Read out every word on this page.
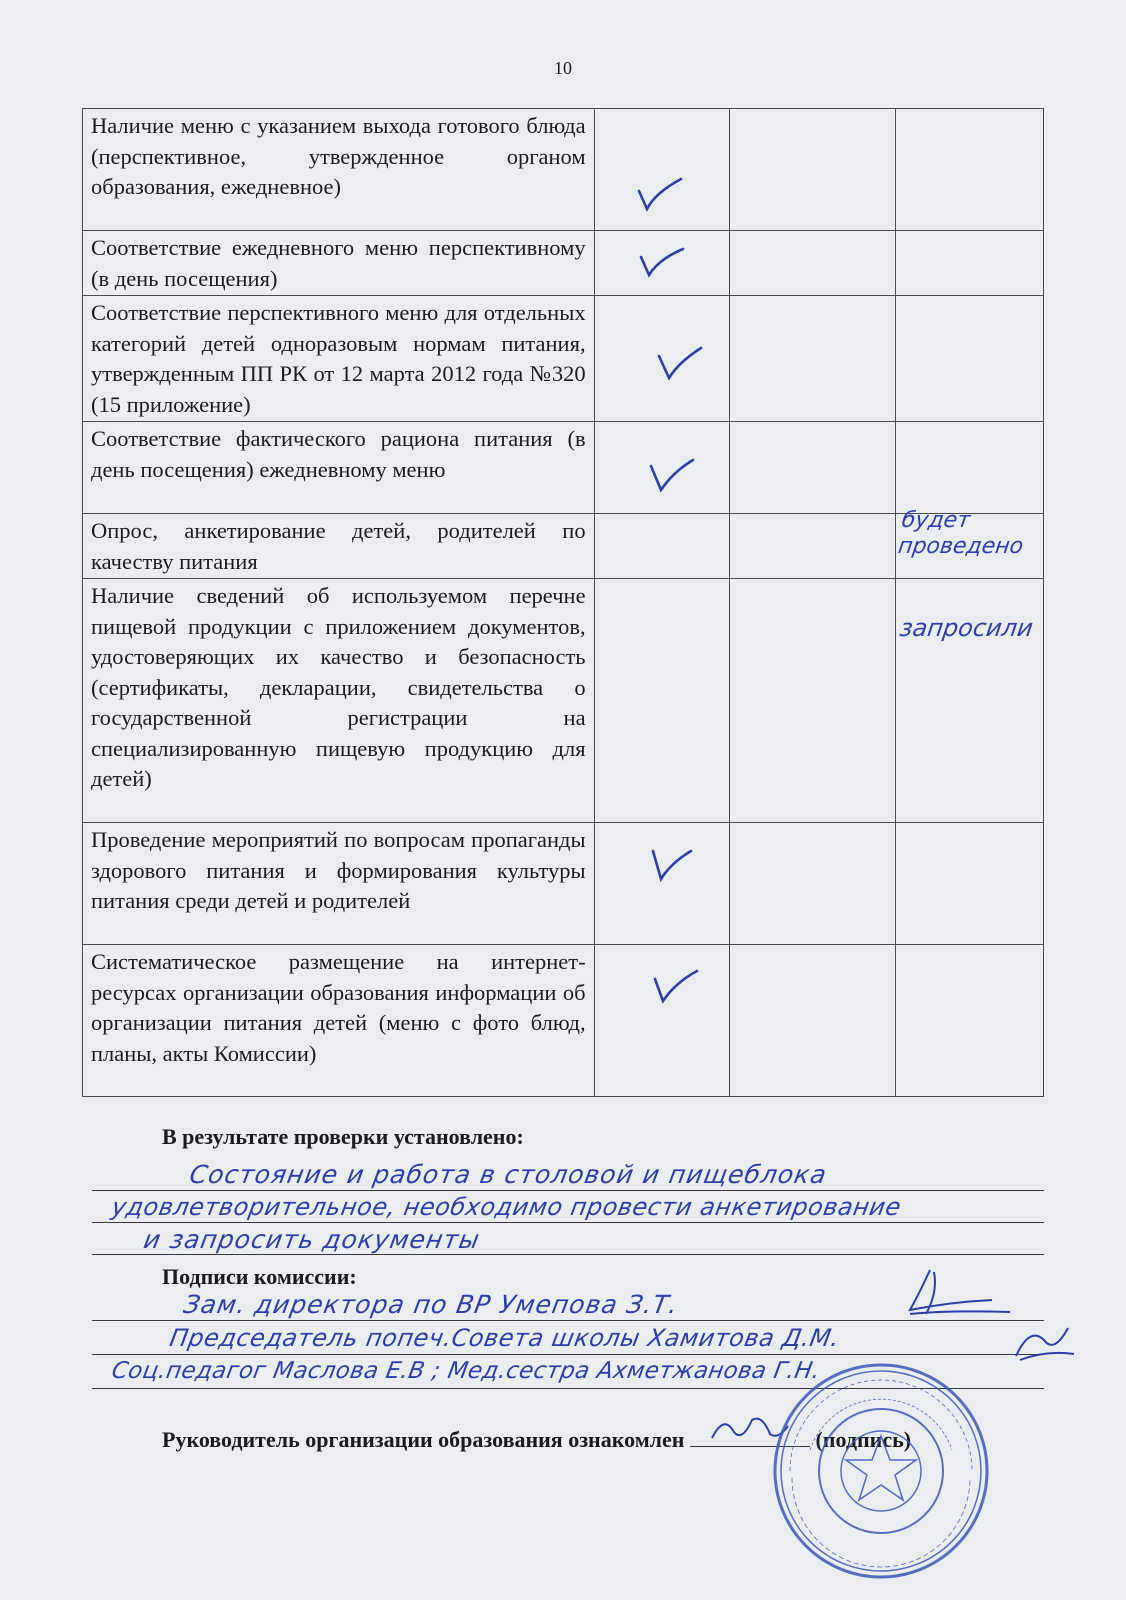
10
Наличие меню с указанием выхода готового блюда (перспективное, утвержденное органом образования, ежедневное)	

Соответствие ежедневного меню перспективному (в день посещения)	

Соответствие перспективного меню для отдельных категорий детей одноразовым нормам питания, утвержденным ПП РК от 12 марта 2012 года №320 (15 приложение)	

Соответствие фактического рациона питания (в день посещения) ежедневному меню	

Опрос, анкетирование детей, родителей по качеству питания			будет проведено

Наличие сведений об используемом перечне пищевой продукции с приложением документов, удостоверяющих их качество и безопасность (сертификаты, декларации, свидетельства о государственной регистрации на специализированную пищевую продукцию для детей)			запросили

Проведение мероприятий по вопросам пропаганды здорового питания и формирования культуры питания среди детей и родителей	

Систематическое размещение на интернет-ресурсах организации образования информации об организации питания детей (меню с фото блюд, планы, акты Комиссии)	

В результате проверки установлено:
Состояние и работа в столовой и пищеблока
удовлетворительное, необходимо провести анкетирование
и запросить документы
Подписи комиссии:
Зам. директора по ВР Умепова З.Т.
Председатель попеч.Совета школы Хамитова Д.М.
Соц.педагог Маслова Е.В ; Мед.сестра Ахметжанова Г.Н.
Руководитель организации образования ознакомлен	(подпись)
